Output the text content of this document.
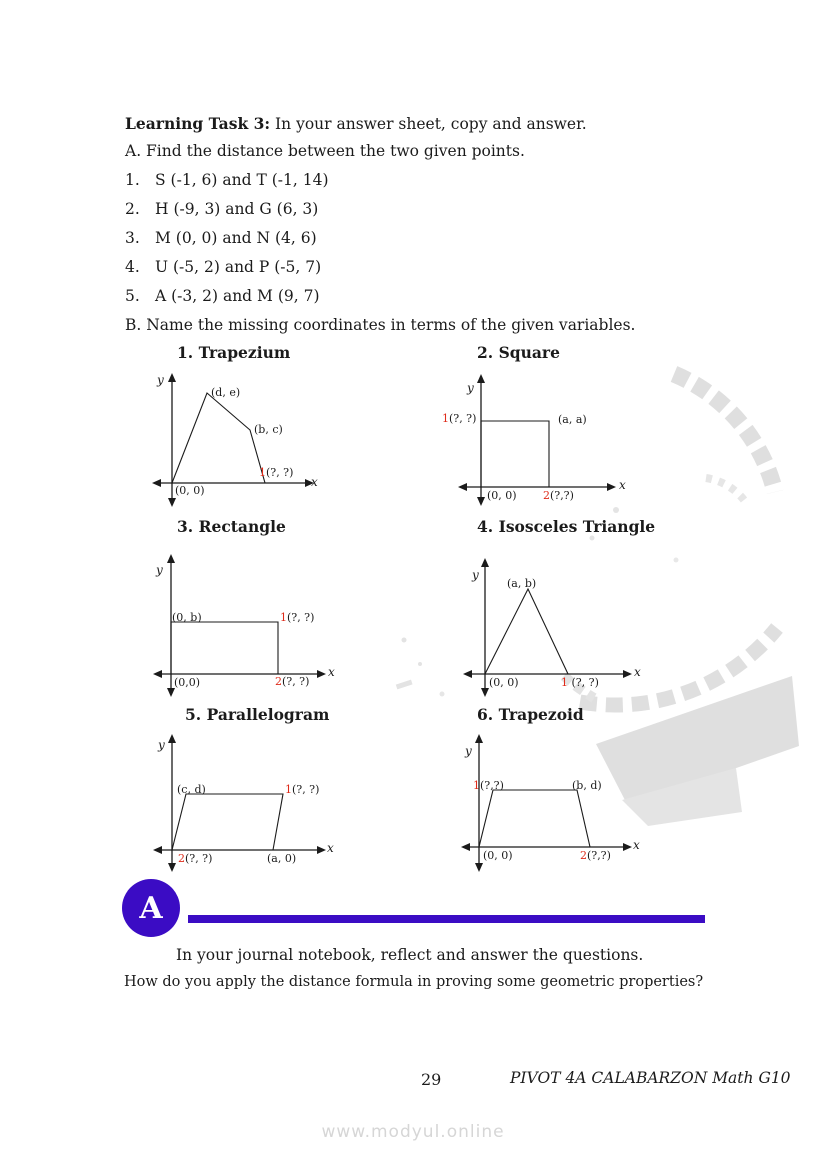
Learning Task 3: In your answer sheet, copy and answer.
A. Find the distance between the two given points.
1. S (-1, 6) and T (-1, 14)
2. H (-9, 3) and G (6, 3)
3. M (0, 0) and N (4, 6)
4. U (-5, 2) and P (-5, 7)
5. A (-3, 2) and M (9, 7)
B. Name the missing coordinates in terms of the given variables.
1. Trapezium	2. Square
3. Rectangle	4. Isosceles Triangle
5. Parallelogram	6. Trapezoid
y
x
(d, e)
(b, c)
1(?, ?)
(0, 0)
y
x
1(?, ?)	(a, a)
(0, 0) 2(?,?)
y
x
(0, b)	1(?, ?)
(0,0)	2(?, ?)
y
x
(a, b)
(0, 0)	1 (?, ?)
y
x
(c, d)	1(?, ?)
2(?, ?)	(a, 0)
y
x
1(?,?)	(b, d)
(0, 0)	2(?,?)
A
In your journal notebook, reflect and answer the questions.
How do you apply the distance formula in proving some geometric properties?
29	PIVOT 4A CALABARZON Math G10
www.modyul.online
